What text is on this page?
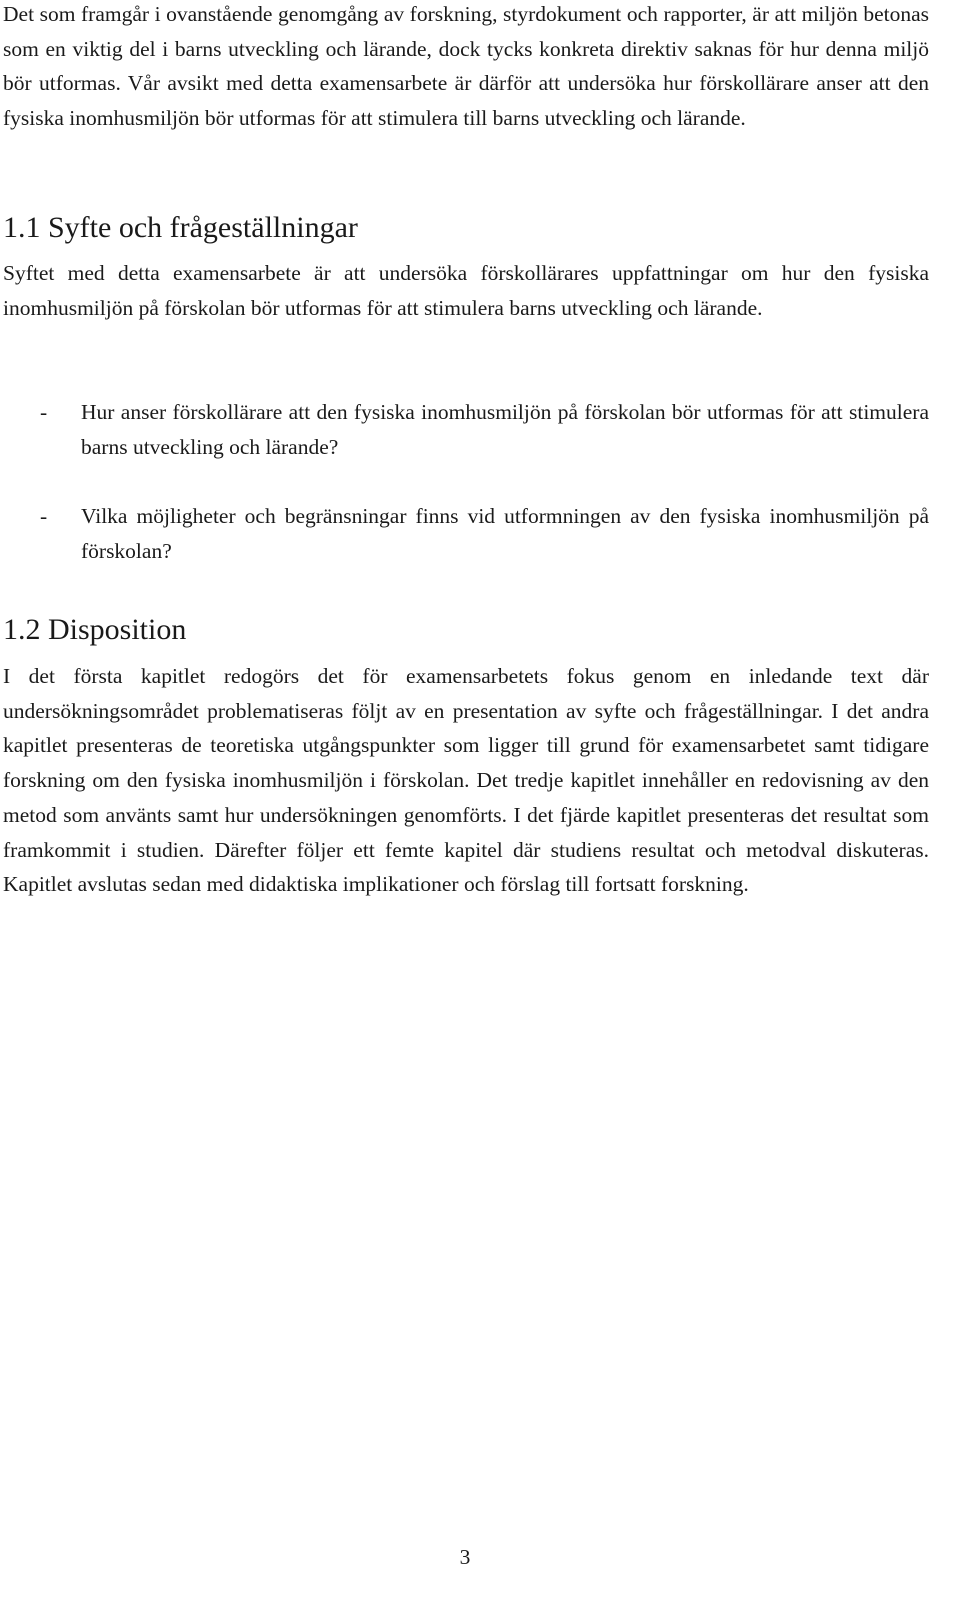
Det som framgår i ovanstående genomgång av forskning, styrdokument och rapporter, är att miljön betonas som en viktig del i barns utveckling och lärande, dock tycks konkreta direktiv saknas för hur denna miljö bör utformas. Vår avsikt med detta examensarbete är därför att undersöka hur förskollärare anser att den fysiska inomhusmiljön bör utformas för att stimulera till barns utveckling och lärande.

1.1 Syfte och frågeställningar

Syftet med detta examensarbete är att undersöka förskollärares uppfattningar om hur den fysiska inomhusmiljön på förskolan bör utformas för att stimulera barns utveckling och lärande.

-	Hur anser förskollärare att den fysiska inomhusmiljön på förskolan bör utformas för att stimulera barns utveckling och lärande?

-	Vilka möjligheter och begränsningar finns vid utformningen av den fysiska inomhusmiljön på förskolan?

1.2 Disposition

I det första kapitlet redogörs det för examensarbetets fokus genom en inledande text där undersökningsområdet problematiseras följt av en presentation av syfte och frågeställningar. I det andra kapitlet presenteras de teoretiska utgångspunkter som ligger till grund för examensarbetet samt tidigare forskning om den fysiska inomhusmiljön i förskolan. Det tredje kapitlet innehåller en redovisning av den metod som använts samt hur undersökningen genomförts. I det fjärde kapitlet presenteras det resultat som framkommit i studien. Därefter följer ett femte kapitel där studiens resultat och metodval diskuteras. Kapitlet avslutas sedan med didaktiska implikationer och förslag till fortsatt forskning.

3
